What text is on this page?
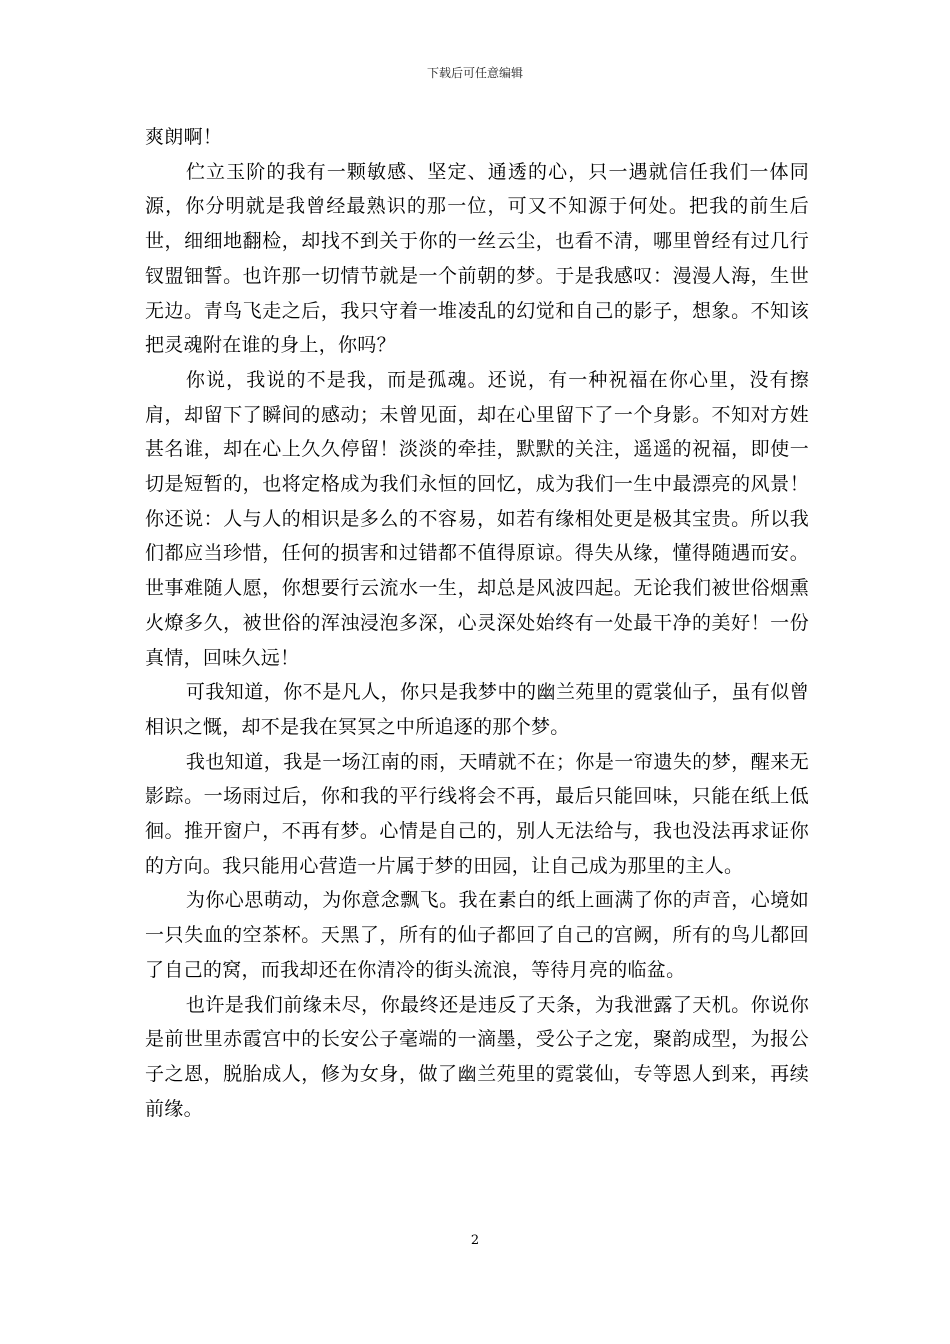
下载后可任意编辑

爽朗啊！

伫立玉阶的我有一颗敏感、坚定、通透的心，只一遇就信任我们一体同源，你分明就是我曾经最熟识的那一位，可又不知源于何处。把我的前生后世，细细地翻检，却找不到关于你的一丝云尘，也看不清，哪里曾经有过几行钗盟钿誓。也许那一切情节就是一个前朝的梦。于是我感叹：漫漫人海，生世无边。青鸟飞走之后，我只守着一堆凌乱的幻觉和自己的影子，想象。不知该把灵魂附在谁的身上，你吗？

你说，我说的不是我，而是孤魂。还说，有一种祝福在你心里，没有擦肩，却留下了瞬间的感动；未曾见面，却在心里留下了一个身影。不知对方姓甚名谁，却在心上久久停留！淡淡的牵挂，默默的关注，遥遥的祝福，即使一切是短暂的，也将定格成为我们永恒的回忆，成为我们一生中最漂亮的风景！你还说：人与人的相识是多么的不容易，如若有缘相处更是极其宝贵。所以我们都应当珍惜，任何的损害和过错都不值得原谅。得失从缘，懂得随遇而安。世事难随人愿，你想要行云流水一生，却总是风波四起。无论我们被世俗烟熏火燎多久，被世俗的浑浊浸泡多深，心灵深处始终有一处最干净的美好！一份真情，回味久远！

可我知道，你不是凡人，你只是我梦中的幽兰苑里的霓裳仙子，虽有似曾相识之慨，却不是我在冥冥之中所追逐的那个梦。

我也知道，我是一场江南的雨，天晴就不在；你是一帘遗失的梦，醒来无影踪。一场雨过后，你和我的平行线将会不再，最后只能回味，只能在纸上低徊。推开窗户，不再有梦。心情是自己的，别人无法给与，我也没法再求证你的方向。我只能用心营造一片属于梦的田园，让自己成为那里的主人。

为你心思萌动，为你意念飘飞。我在素白的纸上画满了你的声音，心境如一只失血的空茶杯。天黑了，所有的仙子都回了自己的宫阙，所有的鸟儿都回了自己的窝，而我却还在你清冷的街头流浪，等待月亮的临盆。

也许是我们前缘未尽，你最终还是违反了天条，为我泄露了天机。你说你是前世里赤霞宫中的长安公子毫端的一滴墨，受公子之宠，聚韵成型，为报公子之恩，脱胎成人，修为女身，做了幽兰苑里的霓裳仙，专等恩人到来，再续前缘。

2
